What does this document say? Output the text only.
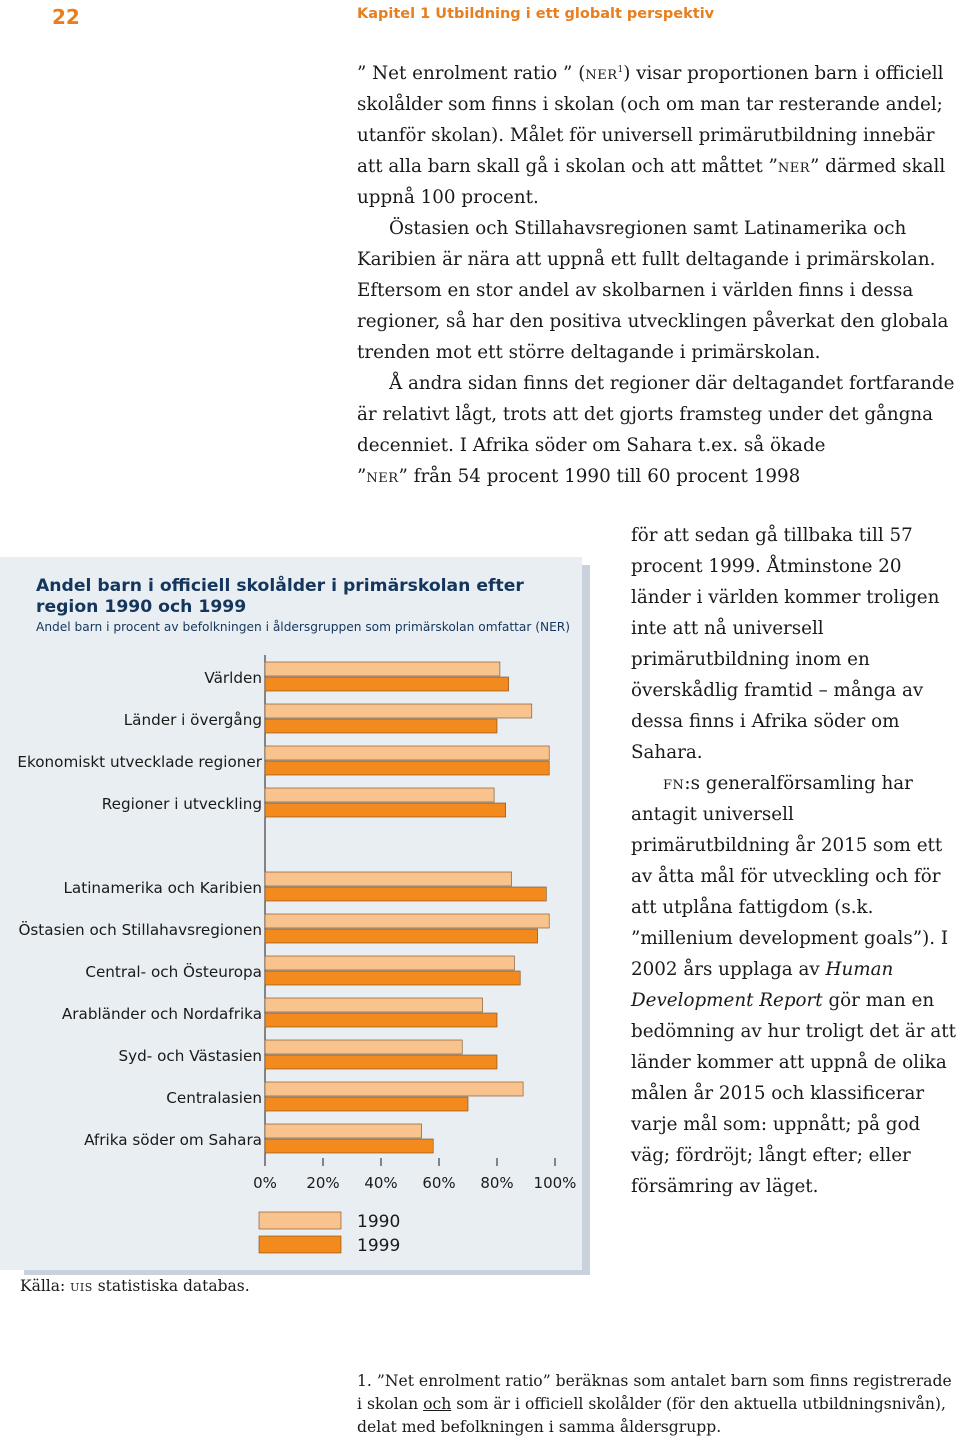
22	Kapitel 1 Utbildning i ett globalt perspektiv

” Net enrolment ratio ” (ner$^1$) visar proportionen barn i officiell skolålder som finns i skolan (och om man tar resterande andel; utanför skolan). Målet för universell primärutbildning innebär att alla barn skall gå i skolan och att måttet ”ner” därmed skall uppnå 100 procent.

Östasien och Stillahavsregionen samt Latinamerika och Karibien är nära att uppnå ett fullt deltagande i primärskolan. Eftersom en stor andel av skolbarnen i världen finns i dessa regioner, så har den positiva utvecklingen påverkat den globala trenden mot ett större deltagande i primärskolan.

Å andra sidan finns det regioner där deltagandet fortfarande är relativt lågt, trots att det gjorts framsteg under det gångna decenniet. I Afrika söder om Sahara t.ex. så ökade ”ner” från 54 procent 1990 till 60 procent 1998

för att sedan gå tillbaka till 57 procent 1999. Åtminstone 20 länder i världen kommer troligen inte att nå universell primärutbildning inom en överskådlig framtid – många av dessa finns i Afrika söder om Sahara.

fn:s generalförsamling har antagit universell primärutbildning år 2015 som ett av åtta mål för utveckling och för att utplåna fattigdom (s.k. ”millenium development goals”). I 2002 års upplaga av Human Development Report gör man en bedömning av hur troligt det är att länder kommer att uppnå de olika målen år 2015 och klassificerar varje mål som: uppnått; på god väg; fördröjt; långt efter; eller försämring av läget.

Andel barn i officiell skolålder i primärskolan efter region 1990 och 1999

Andel barn i procent av befolkningen i åldersgruppen som primärskolan omfattar (NER)

0% 20% 40% 60% 80% 100%
Världen
Länder i övergång
Ekonomiskt utvecklade regioner
Regioner i utveckling
Latinamerika och Karibien
Östasien och Stillahavsregionen
Central- och Östeuropa
Arabländer och Nordafrika
Syd- och Västasien
Centralasien
Afrika söder om Sahara
1990
1999

Källa: uis statistiska databas.

1. ”Net enrolment ratio” beräknas som antalet barn som finns registrerade i skolan och som är i officiell skolålder (för den aktuella utbildningsnivån), delat med befolkningen i samma åldersgrupp.
